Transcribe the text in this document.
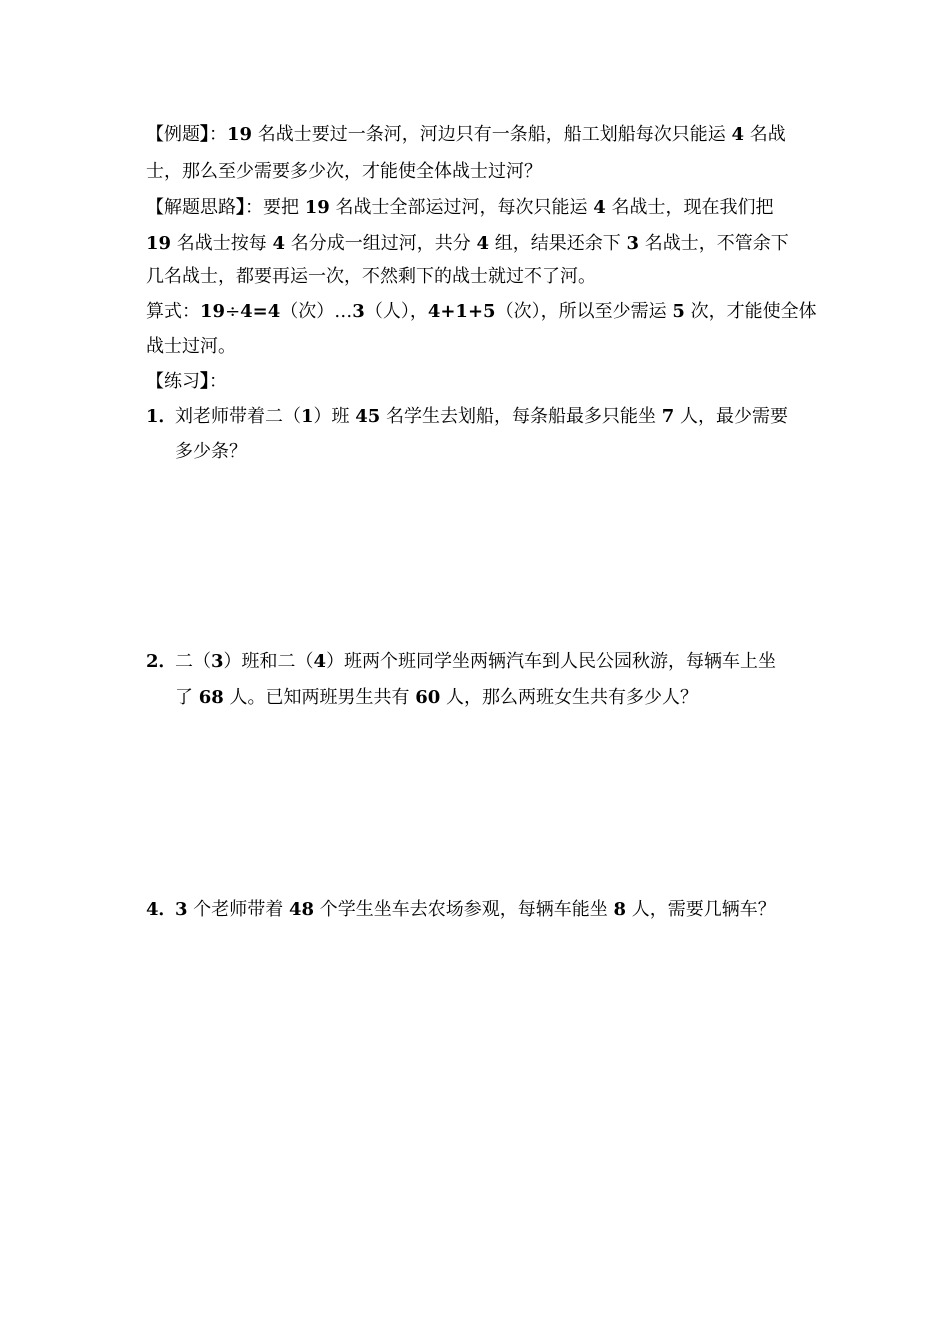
【例题】：19 名战士要过一条河，河边只有一条船，船工划船每次只能运 4 名战
士，那么至少需要多少次，才能使全体战士过河？
【解题思路】：要把 19 名战士全部运过河，每次只能运 4 名战士，现在我们把
19 名战士按每 4 名分成一组过河，共分 4 组，结果还余下 3 名战士，不管余下
几名战士，都要再运一次，不然剩下的战士就过不了河。
算式：19÷4=4（次）…3（人），4+1+5（次），所以至少需运 5 次，才能使全体
战士过河。
【练习】：
1．
刘老师带着二（1）班 45 名学生去划船，每条船最多只能坐 7 人，最少需要
多少条？
2．
二（3）班和二（4）班两个班同学坐两辆汽车到人民公园秋游，每辆车上坐
了 68 人。已知两班男生共有 60 人，那么两班女生共有多少人？
4．
3 个老师带着 48 个学生坐车去农场参观，每辆车能坐 8 人，需要几辆车？
